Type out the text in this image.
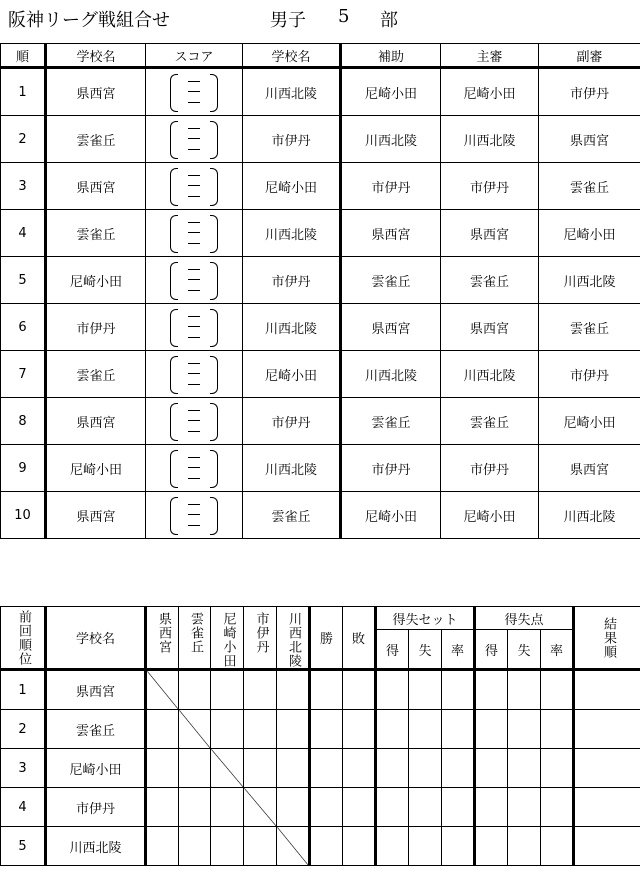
阪神リーグ戦組合せ	男子 5 部
順	学校名	スコア	学校名	補助	主審	副審
1	県西宮		川西北陵	尼崎小田	尼崎小田	市伊丹
2	雲雀丘		市伊丹	川西北陵	川西北陵	県西宮
3	県西宮		尼崎小田	市伊丹	市伊丹	雲雀丘
4	雲雀丘		川西北陵	県西宮	県西宮	尼崎小田
5	尼崎小田		市伊丹	雲雀丘	雲雀丘	川西北陵
6	市伊丹		川西北陵	県西宮	県西宮	雲雀丘
7	雲雀丘		尼崎小田	川西北陵	川西北陵	市伊丹
8	県西宮		市伊丹	雲雀丘	雲雀丘	尼崎小田
9	尼崎小田		川西北陵	市伊丹	市伊丹	県西宮
10	県西宮		雲雀丘	尼崎小田	尼崎小田	川西北陵
前回順位	学校名	県西宮	雲雀丘	尼崎小田	市伊丹	川西北陵	勝	敗	得失セット			得失点			結果順

									得	失	率	得	失	率	
1	県西宮														
2	雲雀丘														
3	尼崎小田														
4	市伊丹														
5	川西北陵														
